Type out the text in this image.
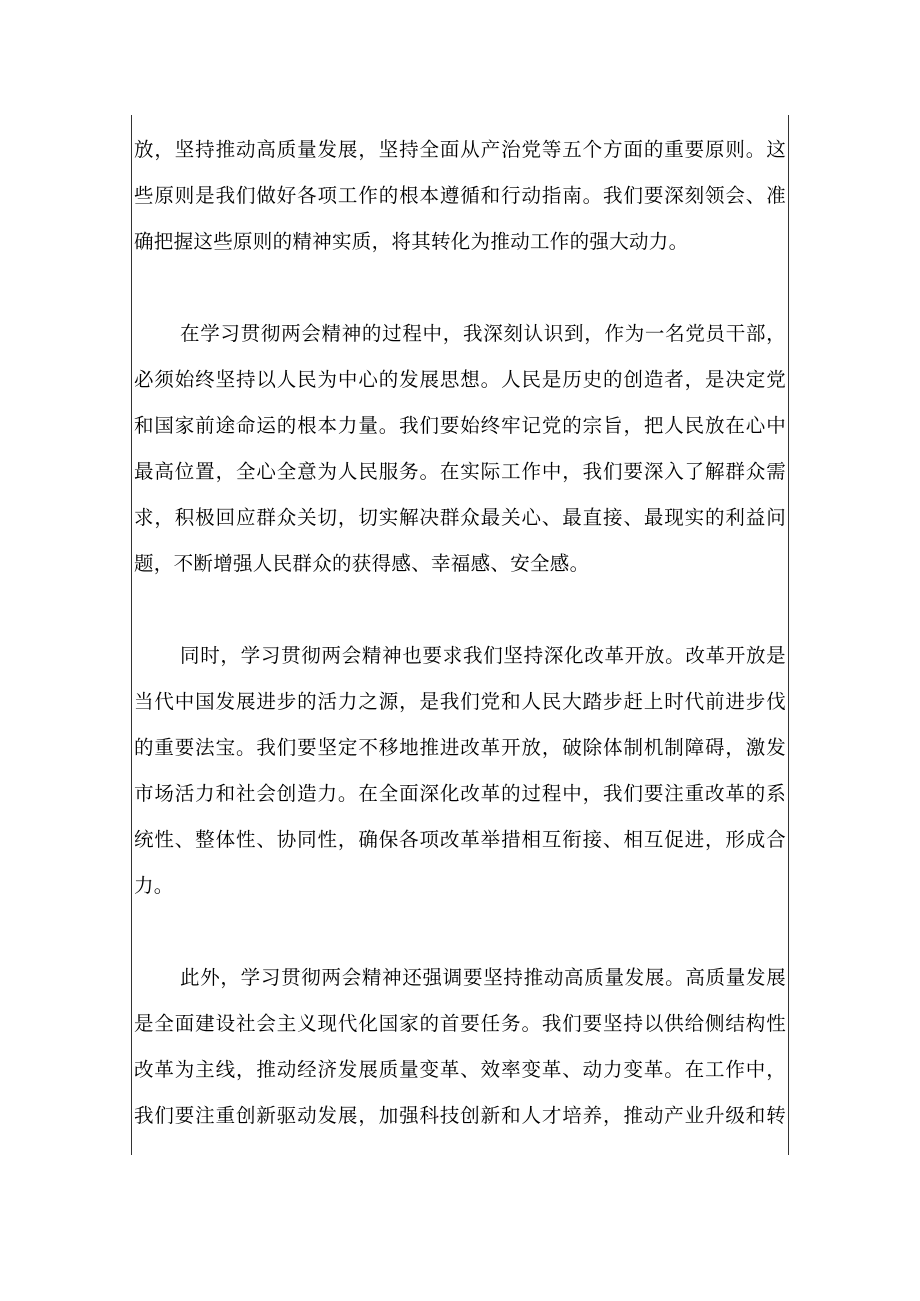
放，坚持推动高质量发展，坚持全面从产治党等五个方面的重要原则。这
些原则是我们做好各项工作的根本遵循和行动指南。我们要深刻领会、准
确把握这些原则的精神实质，将其转化为推动工作的强大动力。
在学习贯彻两会精神的过程中，我深刻认识到，作为一名党员干部，
必须始终坚持以人民为中心的发展思想。人民是历史的创造者，是决定党
和国家前途命运的根本力量。我们要始终牢记党的宗旨，把人民放在心中
最高位置，全心全意为人民服务。在实际工作中，我们要深入了解群众需
求，积极回应群众关切，切实解决群众最关心、最直接、最现实的利益问
题，不断增强人民群众的获得感、幸福感、安全感。
同时，学习贯彻两会精神也要求我们坚持深化改革开放。改革开放是
当代中国发展进步的活力之源，是我们党和人民大踏步赶上时代前进步伐
的重要法宝。我们要坚定不移地推进改革开放，破除体制机制障碍，激发
市场活力和社会创造力。在全面深化改革的过程中，我们要注重改革的系
统性、整体性、协同性，确保各项改革举措相互衔接、相互促进，形成合
力。
此外，学习贯彻两会精神还强调要坚持推动高质量发展。高质量发展
是全面建设社会主义现代化国家的首要任务。我们要坚持以供给侧结构性
改革为主线，推动经济发展质量变革、效率变革、动力变革。在工作中，
我们要注重创新驱动发展，加强科技创新和人才培养，推动产业升级和转
